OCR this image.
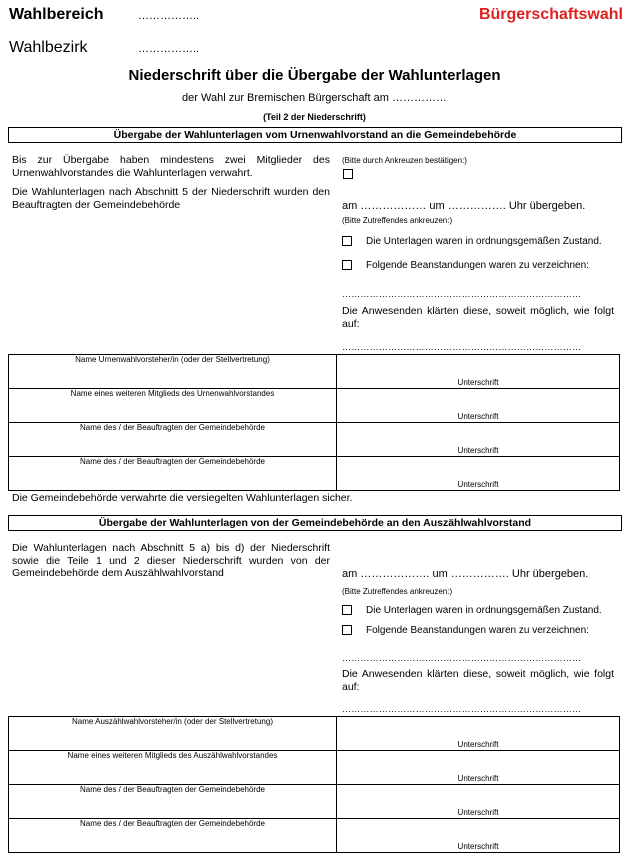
Wahlbereich	……………..	Bürgerschaftswahl
Wahlbezirk	……………..
Niederschrift über die Übergabe der Wahlunterlagen
der Wahl zur Bremischen Bürgerschaft am ……………
(Teil 2 der Niederschrift)
Übergabe der Wahlunterlagen vom Urnenwahlvorstand an die Gemeindebehörde
Bis zur Übergabe haben mindestens zwei Mitglieder des Urnenwahlvorstandes die Wahlunterlagen verwahrt.
Die Wahlunterlagen nach Abschnitt 5 der Niederschrift wurden den Beauftragten der Gemeindebehörde
(Bitte durch Ankreuzen bestätigen:)
am ……………… um ……………. Uhr übergeben.
(Bitte Zutreffendes ankreuzen:)
Die Unterlagen waren in ordnungsgemäßen Zustand.
Folgende Beanstandungen waren zu verzeichnen:
……………………………………………………………………
Die Anwesenden klärten diese, soweit möglich, wie folgt auf:
……………………………………………………………………
Name Urnenwahlvorsteher/in (oder der Stellvertretung)	Unterschrift
Name eines weiteren Mitglieds des Urnenwahlvorstandes	Unterschrift
Name des / der Beauftragten der Gemeindebehörde	Unterschrift
Name des / der Beauftragten der Gemeindebehörde	Unterschrift
Die Gemeindebehörde verwahrte die versiegelten Wahlunterlagen sicher.
Übergabe der Wahlunterlagen von der Gemeindebehörde an den Auszählwahlvorstand
Die Wahlunterlagen nach Abschnitt 5 a) bis d) der Niederschrift sowie die Teile 1 und 2 dieser Niederschrift wurden von der Gemeindebehörde dem Auszählwahlvorstand	am ………………. um ……………. Uhr übergeben.
(Bitte Zutreffendes ankreuzen:)
Die Unterlagen waren in ordnungsgemäßen Zustand.
Folgende Beanstandungen waren zu verzeichnen:
……………………………………………………………………
Die Anwesenden klärten diese, soweit möglich, wie folgt auf:
……………………………………………………………………
Name Auszählwahlvorsteher/in (oder der Stellvertretung)	Unterschrift
Name eines weiteren Mitglieds des Auszählwahlvorstandes	Unterschrift
Name des / der Beauftragten der Gemeindebehörde	Unterschrift
Name des / der Beauftragten der Gemeindebehörde	Unterschrift
